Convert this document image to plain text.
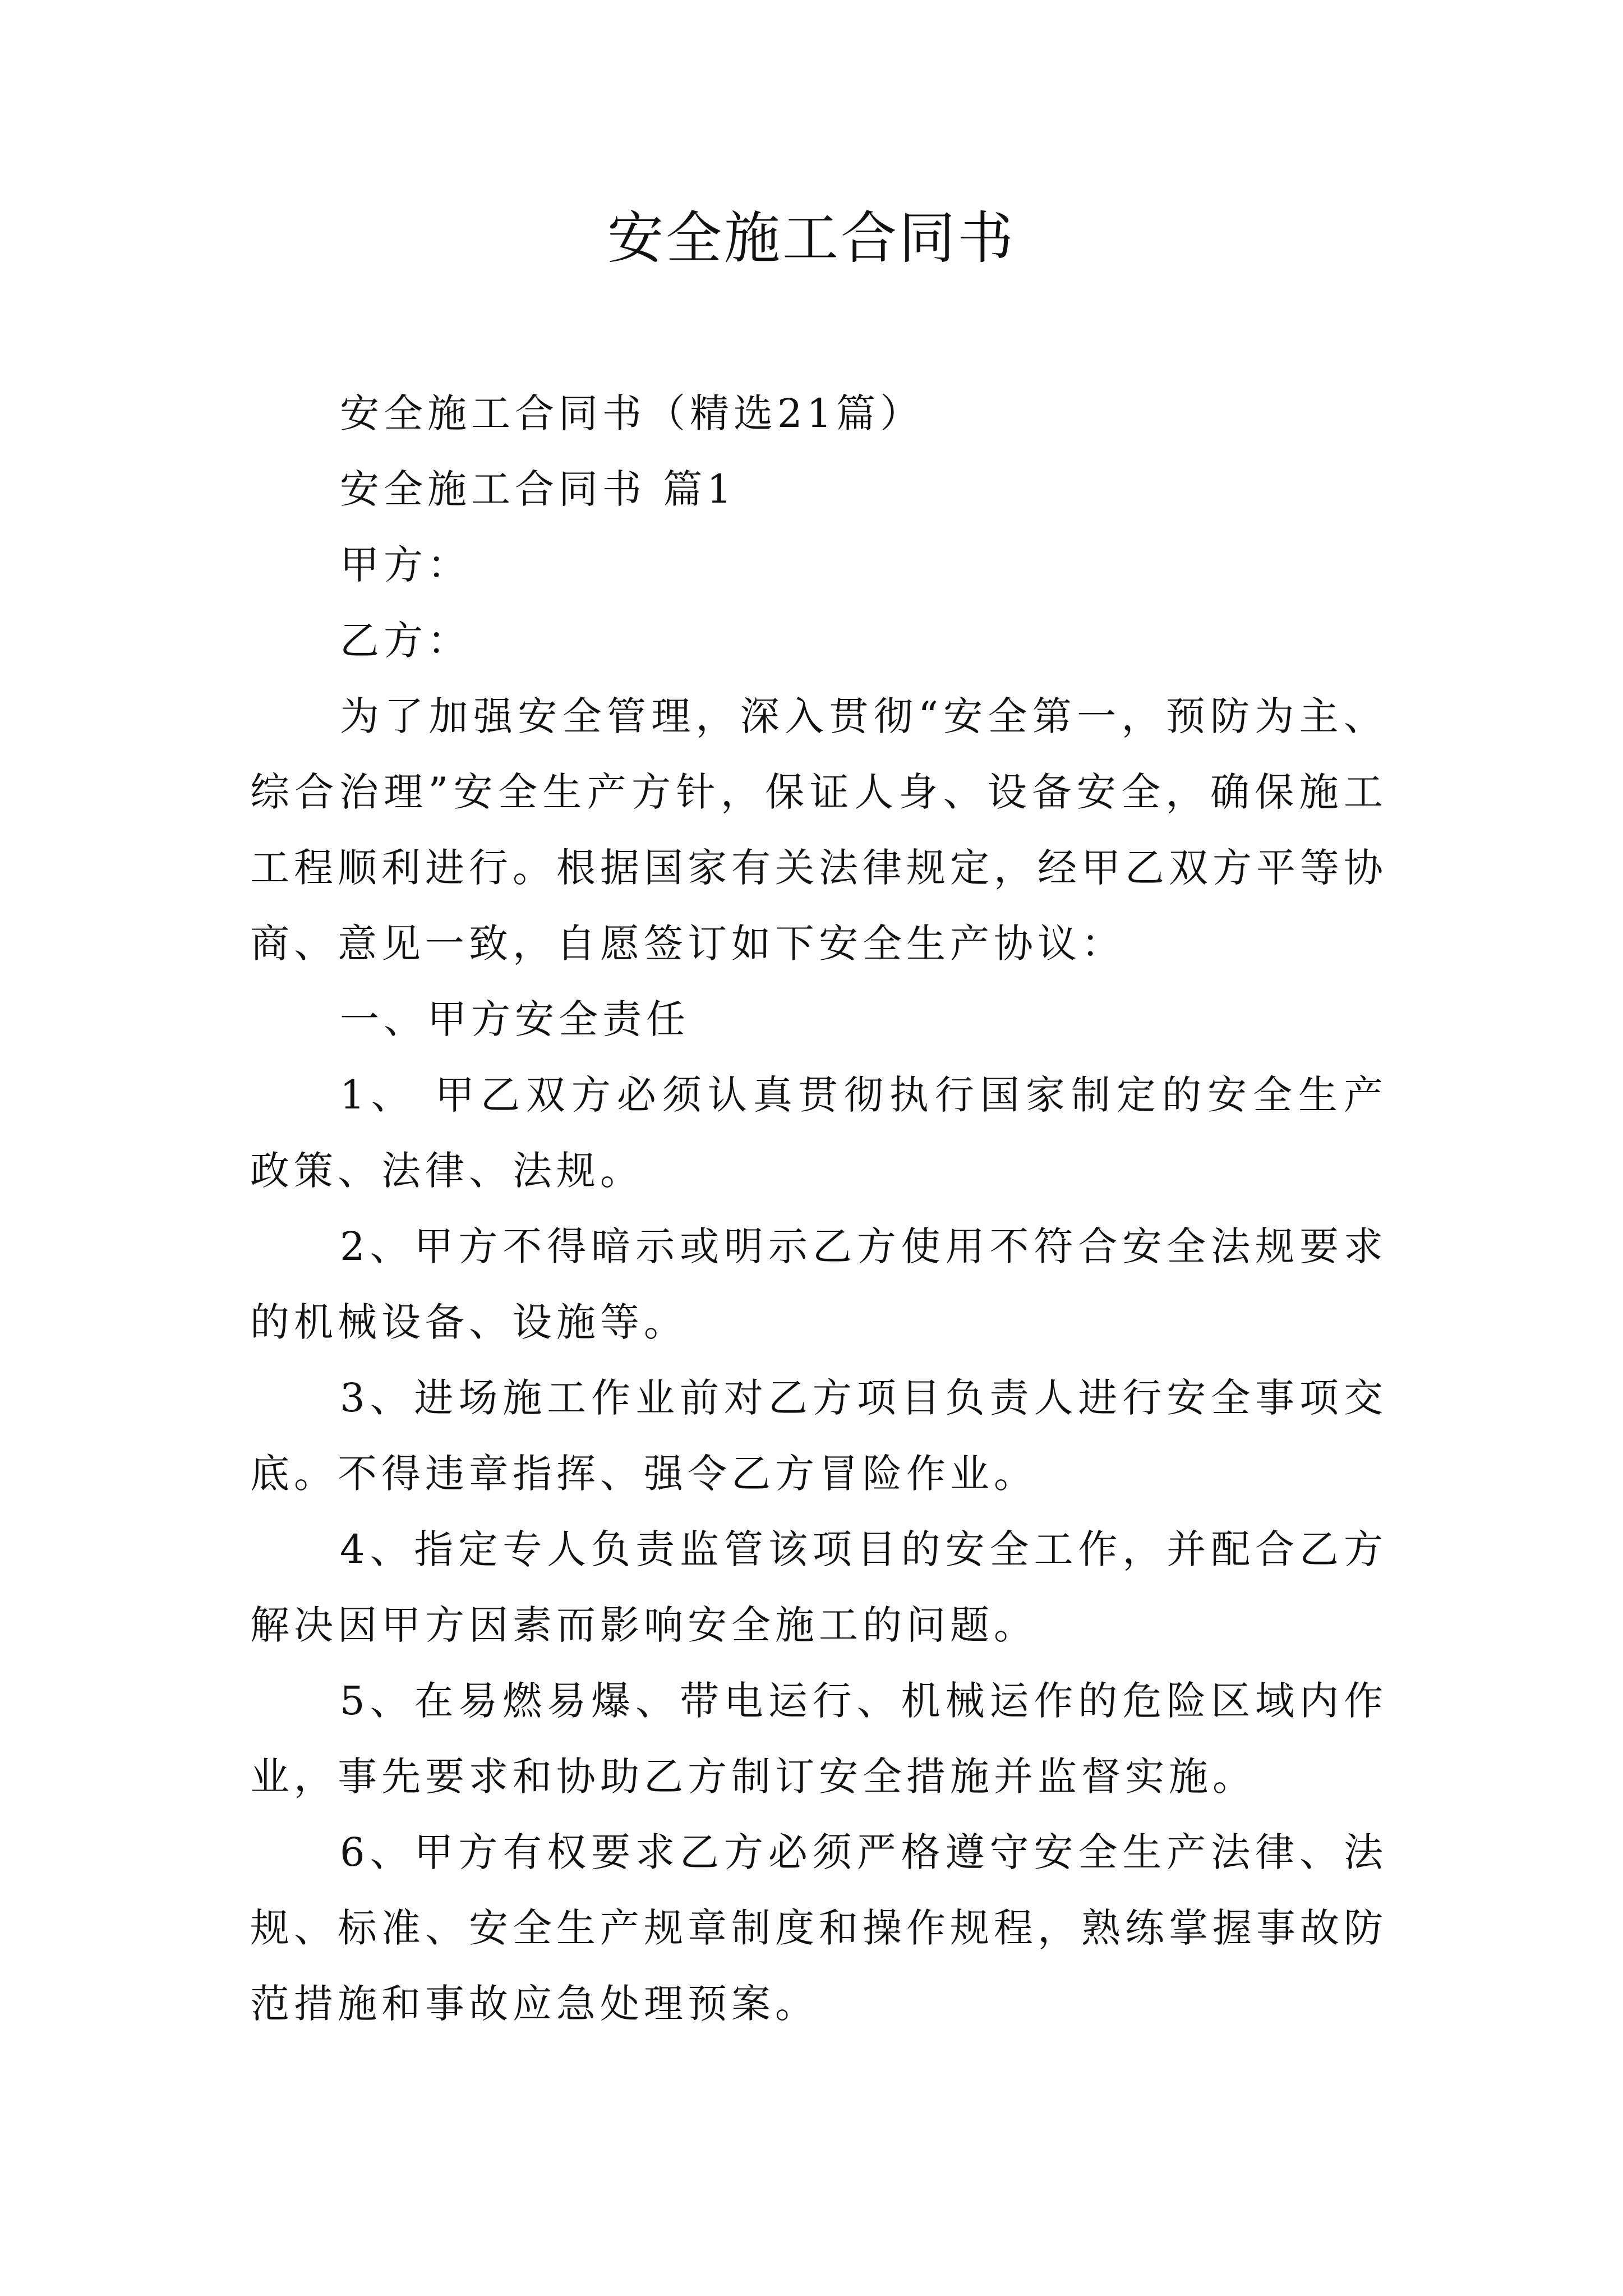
安全施工合同书

安全施工合同书（精选21篇）

安全施工合同书 篇1

甲方：

乙方：

为了加强安全管理，深入贯彻“安全第一，预防为主、综合治理”安全生产方针，保证人身、设备安全，确保施工工程顺利进行。根据国家有关法律规定，经甲乙双方平等协商、意见一致，自愿签订如下安全生产协议：

一、甲方安全责任

1、 甲乙双方必须认真贯彻执行国家制定的安全生产政策、法律、法规。

2、甲方不得暗示或明示乙方使用不符合安全法规要求的机械设备、设施等。

3、进场施工作业前对乙方项目负责人进行安全事项交底。不得违章指挥、强令乙方冒险作业。

4、指定专人负责监管该项目的安全工作，并配合乙方解决因甲方因素而影响安全施工的问题。

5、在易燃易爆、带电运行、机械运作的危险区域内作业，事先要求和协助乙方制订安全措施并监督实施。

6、甲方有权要求乙方必须严格遵守安全生产法律、法规、标准、安全生产规章制度和操作规程，熟练掌握事故防范措施和事故应急处理预案。
